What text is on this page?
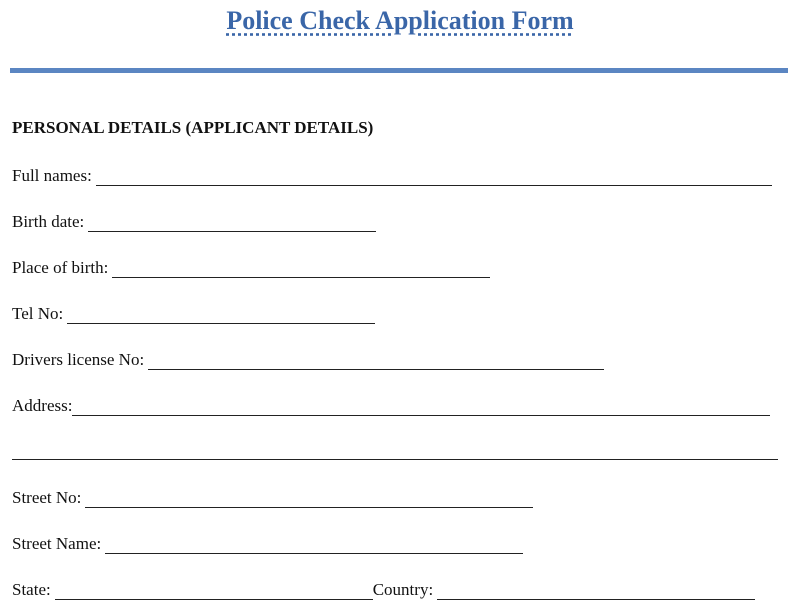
Police Check Application Form
PERSONAL DETAILS (APPLICANT DETAILS)
Full names:
Birth date:
Place of birth:
Tel No:
Drivers license No:
Address:
Street No:
Street Name:
State:	Country:
